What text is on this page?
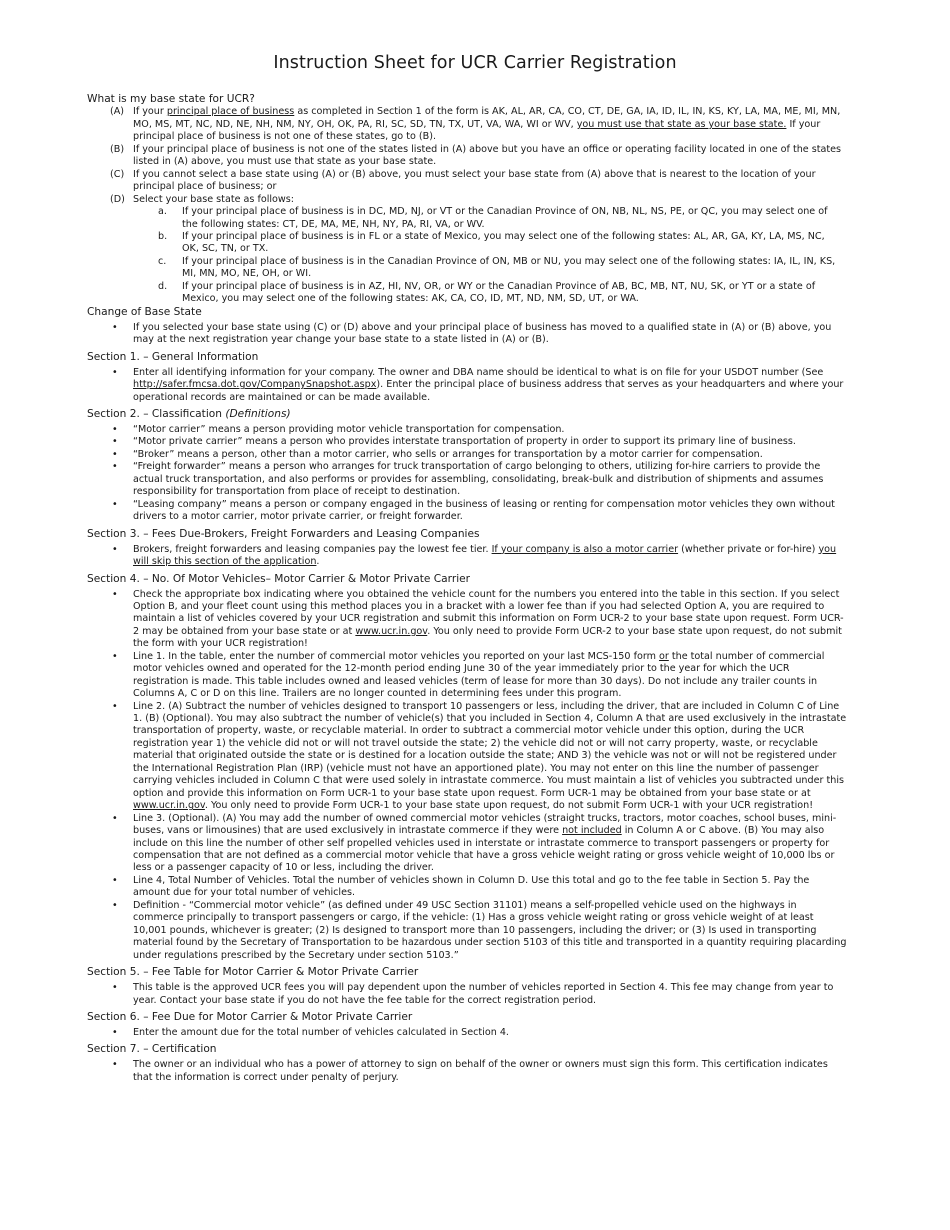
Instruction Sheet for UCR Carrier Registration
What is my base state for UCR?
(A) If your principal place of business as completed in Section 1 of the form is AK, AL, AR, CA, CO, CT, DE, GA, IA, ID, IL, IN, KS, KY, LA, MA, ME, MI, MN, MO, MS, MT, NC, ND, NE, NH, NM, NY, OH, OK, PA, RI, SC, SD, TN, TX, UT, VA, WA, WI or WV, you must use that state as your base state. If your principal place of business is not one of these states, go to (B).
(B) If your principal place of business is not one of the states listed in (A) above but you have an office or operating facility located in one of the states listed in (A) above, you must use that state as your base state.
(C) If you cannot select a base state using (A) or (B) above, you must select your base state from (A) above that is nearest to the location of your principal place of business; or
(D) Select your base state as follows:
a. If your principal place of business is in DC, MD, NJ, or VT or the Canadian Province of ON, NB, NL, NS, PE, or QC, you may select one of the following states: CT, DE, MA, ME, NH, NY, PA, RI, VA, or WV.
b. If your principal place of business is in FL or a state of Mexico, you may select one of the following states: AL, AR, GA, KY, LA, MS, NC, OK, SC, TN, or TX.
c. If your principal place of business is in the Canadian Province of ON, MB or NU, you may select one of the following states: IA, IL, IN, KS, MI, MN, MO, NE, OH, or WI.
d. If your principal place of business is in AZ, HI, NV, OR, or WY or the Canadian Province of AB, BC, MB, NT, NU, SK, or YT or a state of Mexico, you may select one of the following states: AK, CA, CO, ID, MT, ND, NM, SD, UT, or WA.
Change of Base State
• If you selected your base state using (C) or (D) above and your principal place of business has moved to a qualified state in (A) or (B) above, you may at the next registration year change your base state to a state listed in (A) or (B).
Section 1. – General Information
• Enter all identifying information for your company. The owner and DBA name should be identical to what is on file for your USDOT number (See http://safer.fmcsa.dot.gov/CompanySnapshot.aspx). Enter the principal place of business address that serves as your headquarters and where your operational records are maintained or can be made available.
Section 2. – Classification (Definitions)
• “Motor carrier” means a person providing motor vehicle transportation for compensation.
• “Motor private carrier” means a person who provides interstate transportation of property in order to support its primary line of business.
• “Broker” means a person, other than a motor carrier, who sells or arranges for transportation by a motor carrier for compensation.
• “Freight forwarder” means a person who arranges for truck transportation of cargo belonging to others, utilizing for-hire carriers to provide the actual truck transportation, and also performs or provides for assembling, consolidating, break-bulk and distribution of shipments and assumes responsibility for transportation from place of receipt to destination.
• “Leasing company” means a person or company engaged in the business of leasing or renting for compensation motor vehicles they own without drivers to a motor carrier, motor private carrier, or freight forwarder.
Section 3. – Fees Due-Brokers, Freight Forwarders and Leasing Companies
• Brokers, freight forwarders and leasing companies pay the lowest fee tier. If your company is also a motor carrier (whether private or for-hire) you will skip this section of the application.
Section 4. – No. Of Motor Vehicles– Motor Carrier & Motor Private Carrier
• Check the appropriate box indicating where you obtained the vehicle count for the numbers you entered into the table in this section. If you select Option B, and your fleet count using this method places you in a bracket with a lower fee than if you had selected Option A, you are required to maintain a list of vehicles covered by your UCR registration and submit this information on Form UCR-2 to your base state upon request. Form UCR-2 may be obtained from your base state or at www.ucr.in.gov. You only need to provide Form UCR-2 to your base state upon request, do not submit the form with your UCR registration!
• Line 1. In the table, enter the number of commercial motor vehicles you reported on your last MCS-150 form or the total number of commercial motor vehicles owned and operated for the 12-month period ending June 30 of the year immediately prior to the year for which the UCR registration is made. This table includes owned and leased vehicles (term of lease for more than 30 days). Do not include any trailer counts in Columns A, C or D on this line. Trailers are no longer counted in determining fees under this program.
• Line 2. (A) Subtract the number of vehicles designed to transport 10 passengers or less, including the driver, that are included in Column C of Line 1. (B) (Optional). You may also subtract the number of vehicle(s) that you included in Section 4, Column A that are used exclusively in the intrastate transportation of property, waste, or recyclable material. In order to subtract a commercial motor vehicle under this option, during the UCR registration year 1) the vehicle did not or will not travel outside the state; 2) the vehicle did not or will not carry property, waste, or recyclable material that originated outside the state or is destined for a location outside the state; AND 3) the vehicle was not or will not be registered under the International Registration Plan (IRP) (vehicle must not have an apportioned plate). You may not enter on this line the number of passenger carrying vehicles included in Column C that were used solely in intrastate commerce. You must maintain a list of vehicles you subtracted under this option and provide this information on Form UCR-1 to your base state upon request. Form UCR-1 may be obtained from your base state or at www.ucr.in.gov. You only need to provide Form UCR-1 to your base state upon request, do not submit Form UCR-1 with your UCR registration!
• Line 3. (Optional). (A) You may add the number of owned commercial motor vehicles (straight trucks, tractors, motor coaches, school buses, mini-buses, vans or limousines) that are used exclusively in intrastate commerce if they were not included in Column A or C above. (B) You may also include on this line the number of other self propelled vehicles used in interstate or intrastate commerce to transport passengers or property for compensation that are not defined as a commercial motor vehicle that have a gross vehicle weight rating or gross vehicle weight of 10,000 lbs or less or a passenger capacity of 10 or less, including the driver.
• Line 4, Total Number of Vehicles. Total the number of vehicles shown in Column D. Use this total and go to the fee table in Section 5. Pay the amount due for your total number of vehicles.
• Definition - “Commercial motor vehicle” (as defined under 49 USC Section 31101) means a self-propelled vehicle used on the highways in commerce principally to transport passengers or cargo, if the vehicle: (1) Has a gross vehicle weight rating or gross vehicle weight of at least 10,001 pounds, whichever is greater; (2) Is designed to transport more than 10 passengers, including the driver; or (3) Is used in transporting material found by the Secretary of Transportation to be hazardous under section 5103 of this title and transported in a quantity requiring placarding under regulations prescribed by the Secretary under section 5103.”
Section 5. – Fee Table for Motor Carrier & Motor Private Carrier
• This table is the approved UCR fees you will pay dependent upon the number of vehicles reported in Section 4. This fee may change from year to year. Contact your base state if you do not have the fee table for the correct registration period.
Section 6. – Fee Due for Motor Carrier & Motor Private Carrier
• Enter the amount due for the total number of vehicles calculated in Section 4.
Section 7. – Certification
• The owner or an individual who has a power of attorney to sign on behalf of the owner or owners must sign this form. This certification indicates that the information is correct under penalty of perjury.
